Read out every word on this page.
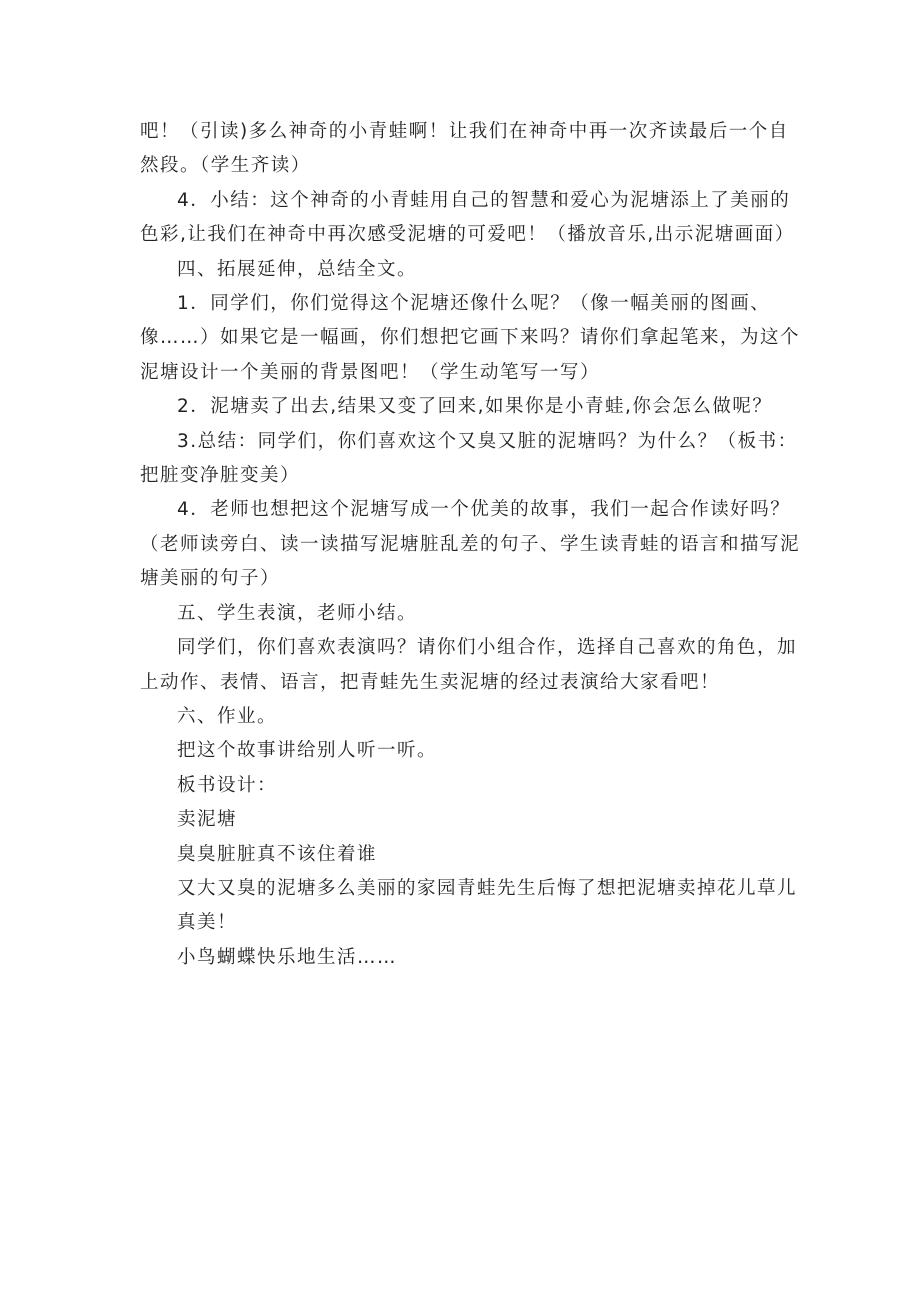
吧！（引读)多么神奇的小青蛙啊！让我们在神奇中再一次齐读最后一个自然段。（学生齐读）

4．小结：这个神奇的小青蛙用自己的智慧和爱心为泥塘添上了美丽的色彩,让我们在神奇中再次感受泥塘的可爱吧！（播放音乐,出示泥塘画面）

四、拓展延伸，总结全文。

1．同学们，你们觉得这个泥塘还像什么呢？（像一幅美丽的图画、像……）如果它是一幅画，你们想把它画下来吗？请你们拿起笔来，为这个泥塘设计一个美丽的背景图吧！（学生动笔写一写）

2．泥塘卖了出去,结果又变了回来,如果你是小青蛙,你会怎么做呢？

3.总结：同学们，你们喜欢这个又臭又脏的泥塘吗？为什么？（板书：把脏变净脏变美）

4．老师也想把这个泥塘写成一个优美的故事，我们一起合作读好吗？（老师读旁白、读一读描写泥塘脏乱差的句子、学生读青蛙的语言和描写泥塘美丽的句子）

五、学生表演，老师小结。

同学们，你们喜欢表演吗？请你们小组合作，选择自己喜欢的角色，加上动作、表情、语言，把青蛙先生卖泥塘的经过表演给大家看吧！

六、作业。

把这个故事讲给别人听一听。

板书设计：

卖泥塘

臭臭脏脏真不该住着谁

又大又臭的泥塘多么美丽的家园青蛙先生后悔了想把泥塘卖掉花儿草儿真美！

小鸟蝴蝶快乐地生活……
